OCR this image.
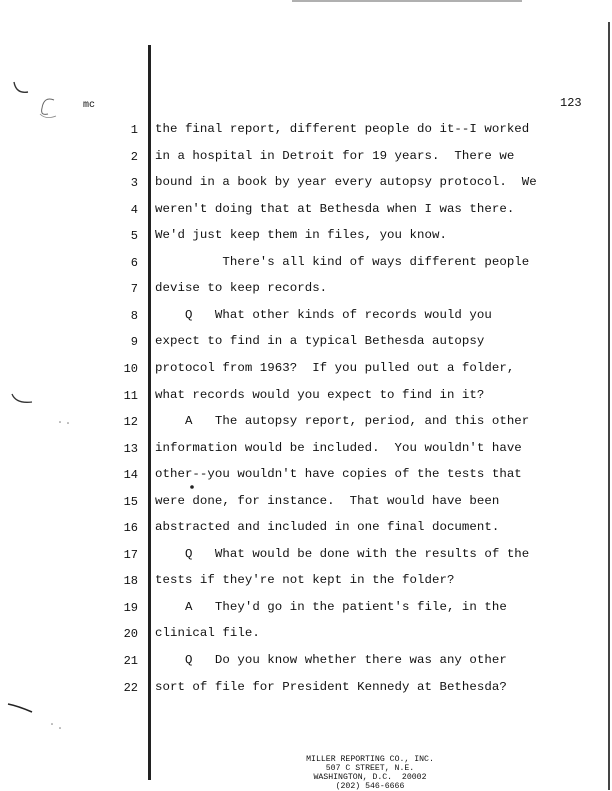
mc	123
1 the final report, different people do it--I worked
2 in a hospital in Detroit for 19 years.  There we
3 bound in a book by year every autopsy protocol.  We
4 weren't doing that at Bethesda when I was there.
5 We'd just keep them in files, you know.
6 There's all kind of ways different people
7 devise to keep records.
8 Q   What other kinds of records would you
9 expect to find in a typical Bethesda autopsy
10 protocol from 1963?  If you pulled out a folder,
11 what records would you expect to find in it?
12 A   The autopsy report, period, and this other
13 information would be included.  You wouldn't have
14 other--you wouldn't have copies of the tests that
15 were done, for instance.  That would have been
16 abstracted and included in one final document.
17 Q   What would be done with the results of the
18 tests if they're not kept in the folder?
19 A   They'd go in the patient's file, in the
20 clinical file.
21 Q   Do you know whether there was any other
22 sort of file for President Kennedy at Bethesda?
MILLER REPORTING CO., INC.
507 C STREET, N.E.
WASHINGTON, D.C.  20002
(202) 546-6666
